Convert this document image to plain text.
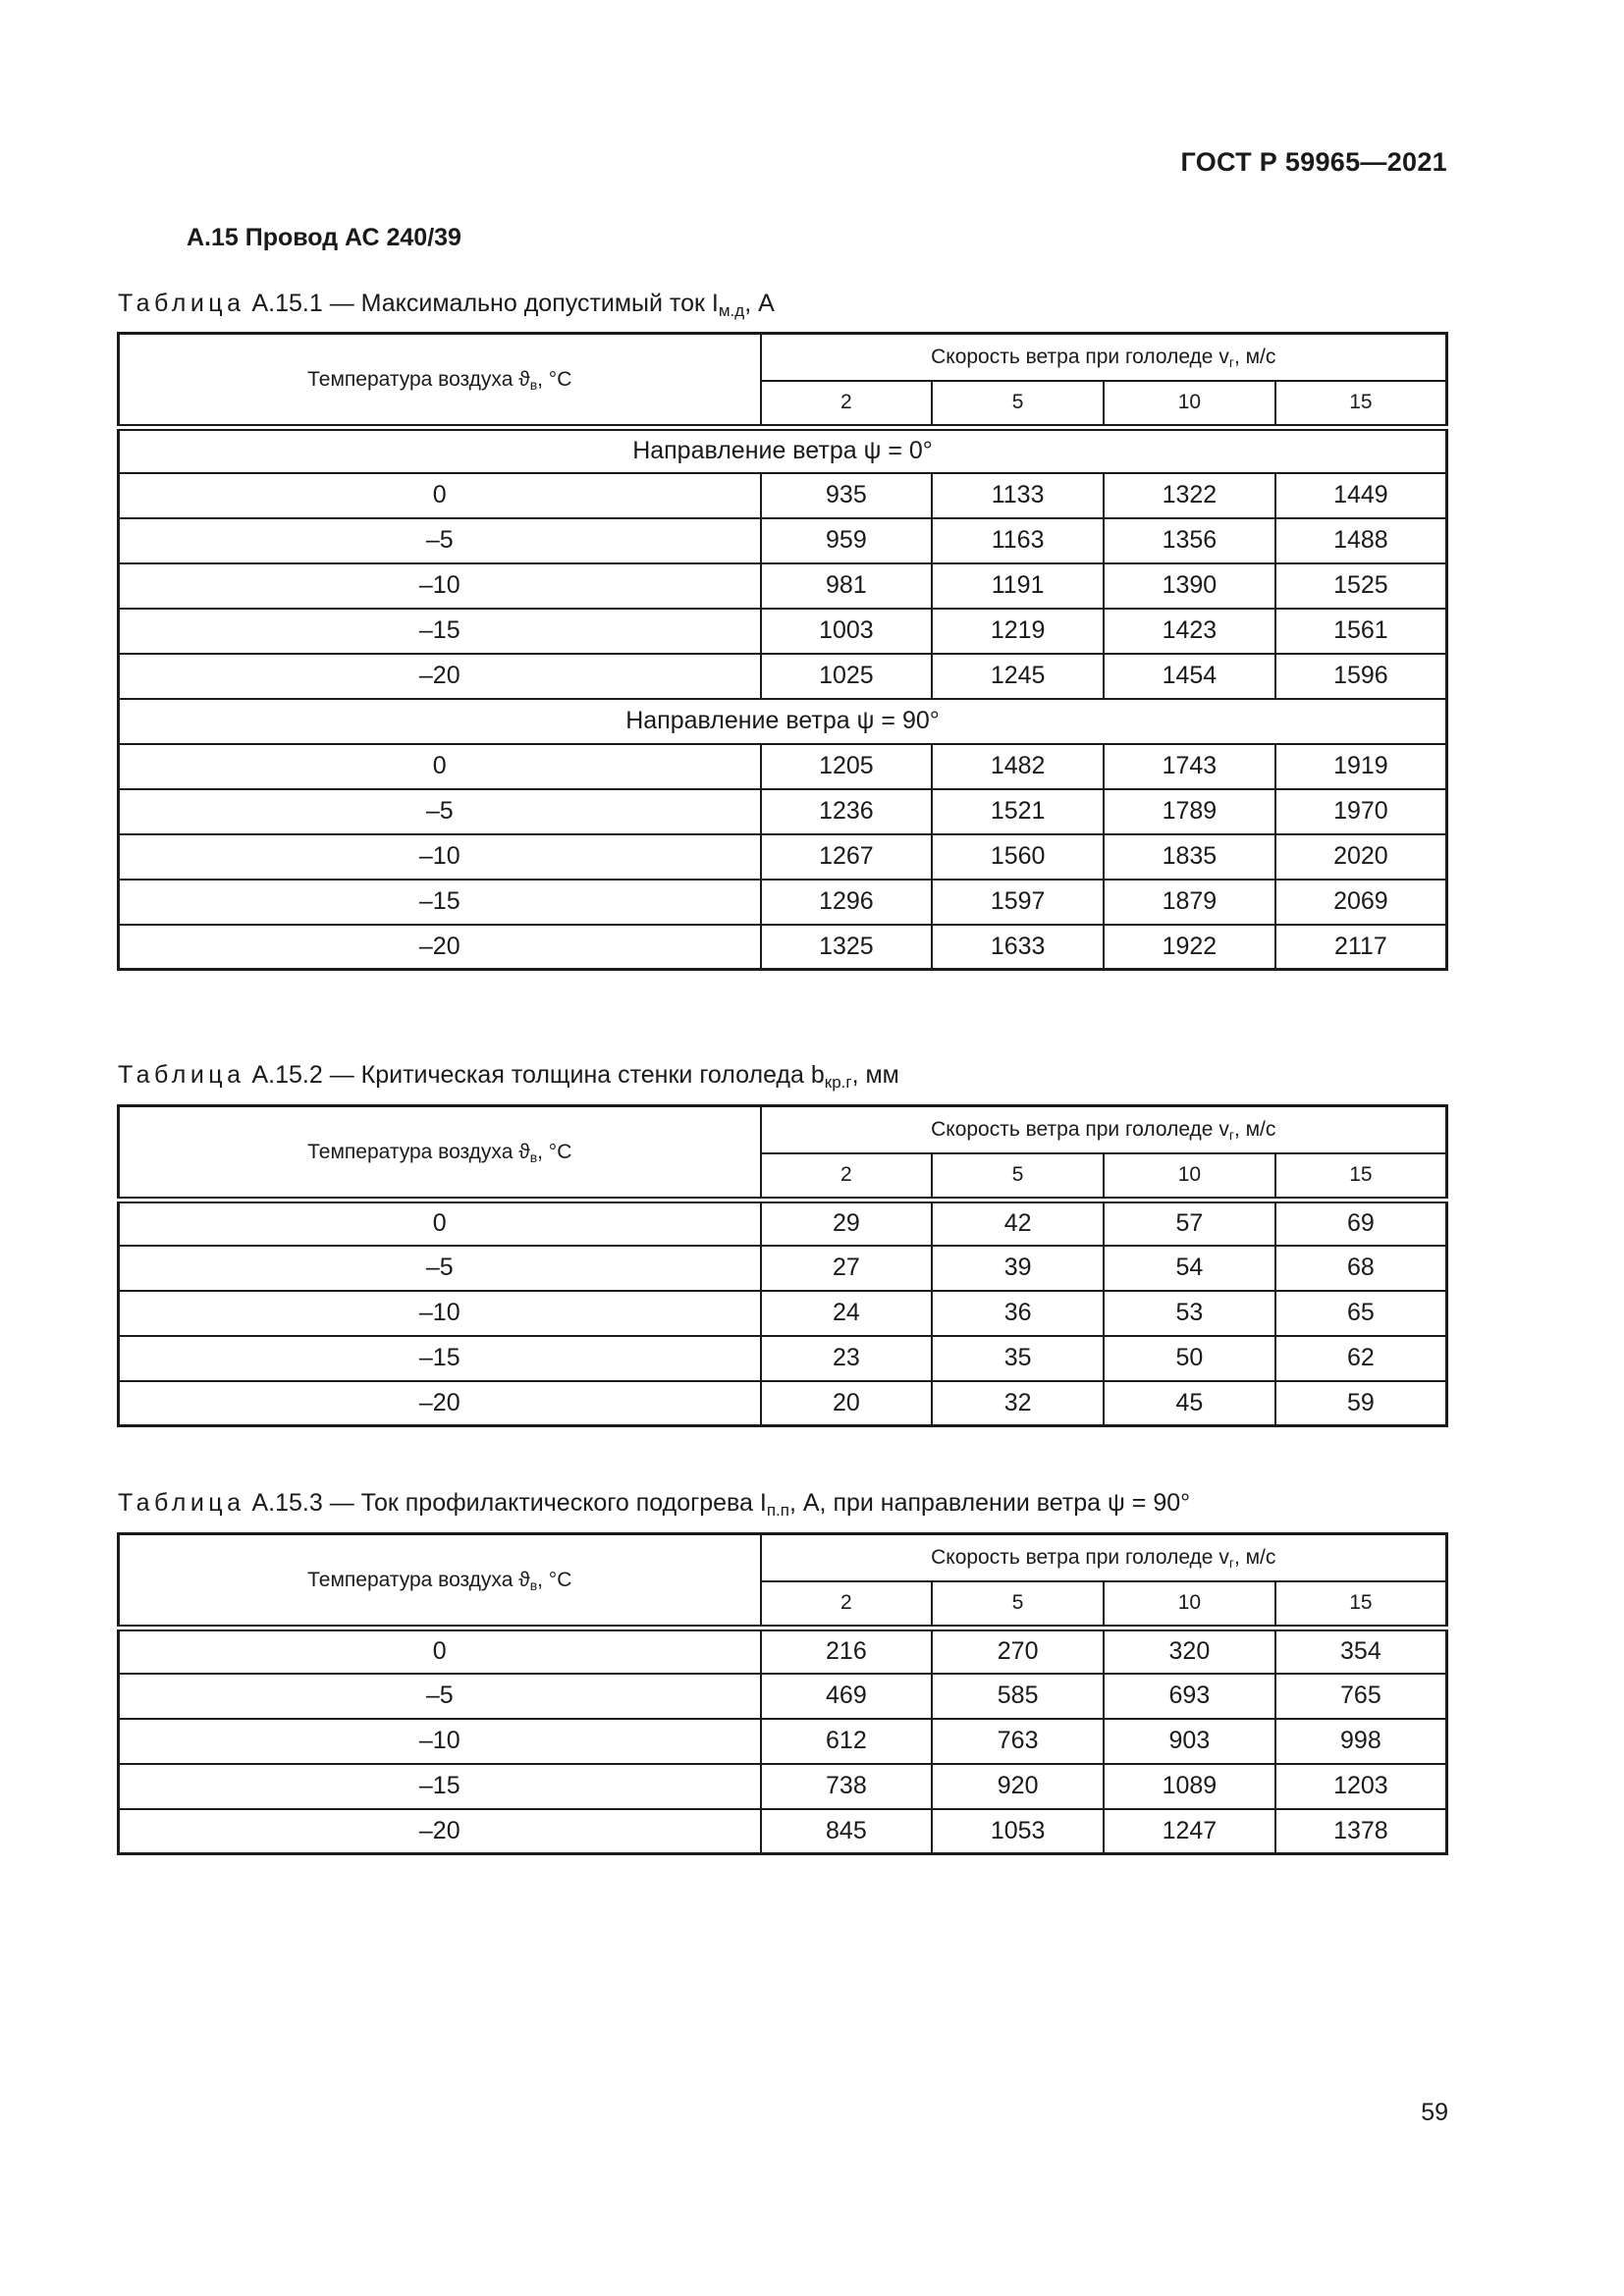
ГОСТ Р 59965—2021
А.15 Провод АС 240/39
Таблица А.15.1 — Максимально допустимый ток $I_{м.д}$, А
Температура воздуха $ϑ_в$, °C	Скорость ветра при гололеде $v_г$, м/с			
	2	5	10	15
Направление ветра ψ = 0°				
0	935	1133	1322	1449
–5	959	1163	1356	1488
–10	981	1191	1390	1525
–15	1003	1219	1423	1561
–20	1025	1245	1454	1596
Направление ветра ψ = 90°				
0	1205	1482	1743	1919
–5	1236	1521	1789	1970
–10	1267	1560	1835	2020
–15	1296	1597	1879	2069
–20	1325	1633	1922	2117
Таблица А.15.2 — Критическая толщина стенки гололеда $b_{кр.г}$, мм
Температура воздуха $ϑ_в$, °C	Скорость ветра при гололеде $v_г$, м/с			
	2	5	10	15
0	29	42	57	69
–5	27	39	54	68
–10	24	36	53	65
–15	23	35	50	62
–20	20	32	45	59
Таблица А.15.3 — Ток профилактического подогрева $I_{п.п}$, А, при направлении ветра ψ = 90°
Температура воздуха $ϑ_в$, °C	Скорость ветра при гололеде $v_г$, м/с			
	2	5	10	15
0	216	270	320	354
–5	469	585	693	765
–10	612	763	903	998
–15	738	920	1089	1203
–20	845	1053	1247	1378
59
